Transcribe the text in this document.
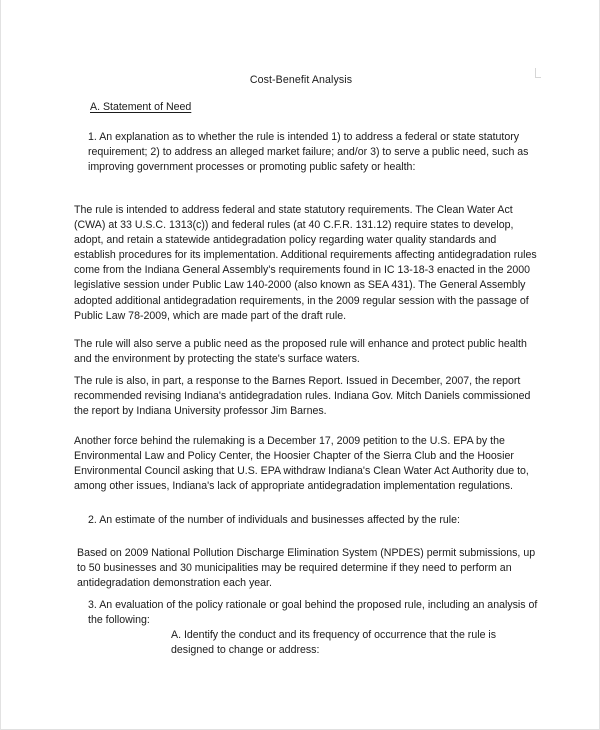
Cost-Benefit Analysis
A. Statement of Need
1. An explanation as to whether the rule is intended 1) to address a federal or state statutory requirement; 2) to address an alleged market failure; and/or 3) to serve a public need, such as improving government processes or promoting public safety or health:
The rule is intended to address federal and state statutory requirements. The Clean Water Act (CWA) at 33 U.S.C. 1313(c)) and federal rules (at 40 C.F.R. 131.12) require states to develop, adopt, and retain a statewide antidegradation policy regarding water quality standards and establish procedures for its implementation. Additional requirements affecting antidegradation rules come from the Indiana General Assembly's requirements found in IC 13-18-3 enacted in the 2000 legislative session under Public Law 140-2000 (also known as SEA 431). The General Assembly adopted additional antidegradation requirements, in the 2009 regular session with the passage of Public Law 78-2009, which are made part of the draft rule.
The rule will also serve a public need as the proposed rule will enhance and protect public health and the environment by protecting the state's surface waters.
The rule is also, in part, a response to the Barnes Report. Issued in December, 2007, the report recommended revising Indiana's antidegradation rules. Indiana Gov. Mitch Daniels commissioned the report by Indiana University professor Jim Barnes.
Another force behind the rulemaking is a December 17, 2009 petition to the U.S. EPA by the Environmental Law and Policy Center, the Hoosier Chapter of the Sierra Club and the Hoosier Environmental Council asking that U.S. EPA withdraw Indiana's Clean Water Act Authority due to, among other issues, Indiana's lack of appropriate antidegradation implementation regulations.
2. An estimate of the number of individuals and businesses affected by the rule:
Based on 2009 National Pollution Discharge Elimination System (NPDES) permit submissions, up to 50 businesses and 30 municipalities may be required determine if they need to perform an antidegradation demonstration each year.
3. An evaluation of the policy rationale or goal behind the proposed rule, including an analysis of the following:
A. Identify the conduct and its frequency of occurrence that the rule is designed to change or address:
